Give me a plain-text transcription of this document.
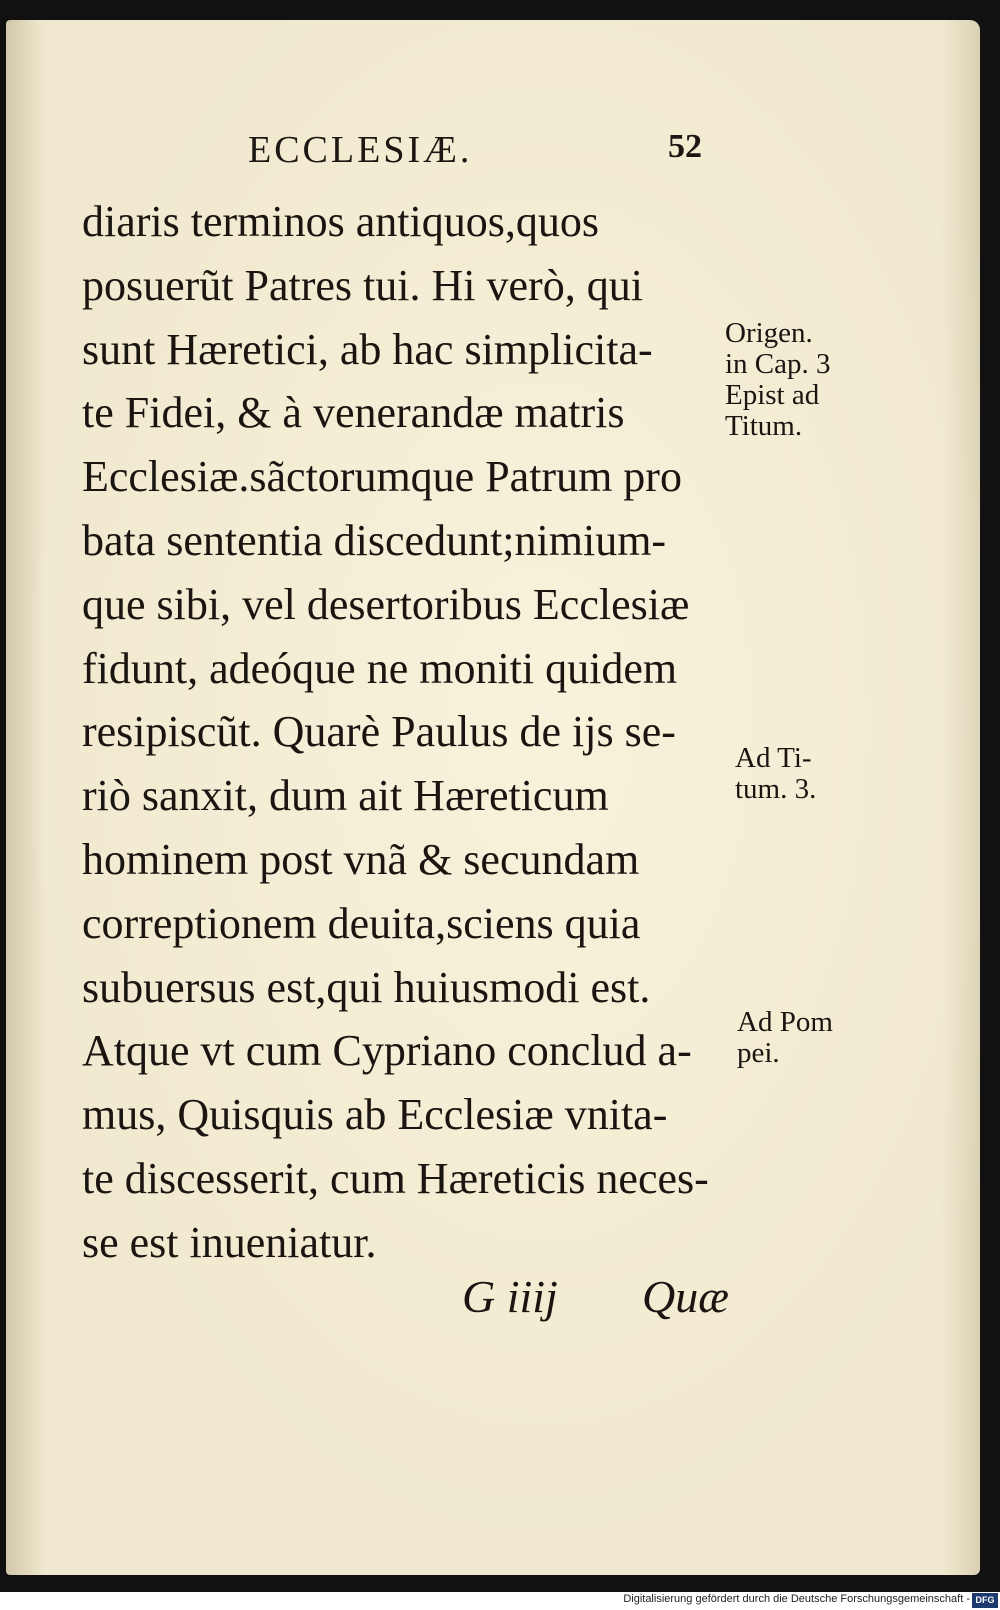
ECCLESIÆ.	52
diaris terminos antiquos,quos
posuerũt Patres tui. Hi verò, qui
sunt Hæretici, ab hac simplicita-
te Fidei, & à venerandæ matris
Ecclesiæ.sãctorumque Patrum pro
bata sententia discedunt;nimium-
que sibi, vel desertoribus Ecclesiæ
fidunt, adeóque ne moniti quidem
resipiscũt. Quarè Paulus de ijs se-
riò sanxit, dum ait Hæreticum
hominem post vnã & secundam
correptionem deuita,sciens quia
subuersus est,qui huiusmodi est.
Atque vt cum Cypriano conclud a-
mus, Quisquis ab Ecclesiæ vnita-
te discesserit, cum Hæreticis neces-
se est inueniatur.
Origen.
in Cap. 3
Epist ad
Titum.
Ad Ti-
tum. 3.
Ad Pom
pei.
G iiij Quæ
Digitalisierung gefördert durch die Deutsche Forschungsgemeinschaft - DFG
